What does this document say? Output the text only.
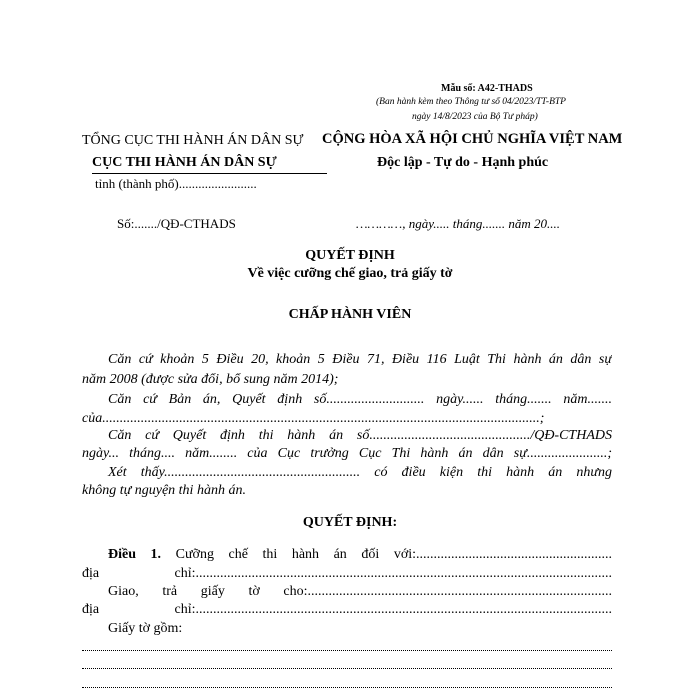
Mẫu số: A42-THADS
(Ban hành kèm theo Thông tư số 04/2023/TT-BTP
ngày 14/8/2023 của Bộ Tư pháp)
TỔNG CỤC THI HÀNH ÁN DÂN SỰ
CỤC THI HÀNH ÁN DÂN SỰ
tỉnh (thành phố)........................
CỘNG HÒA XÃ HỘI CHỦ NGHĨA VIỆT NAM
Độc lập - Tự do - Hạnh phúc
Số:......./QĐ-CTHADS	…………, ngày..... tháng....... năm 20....
QUYẾT ĐỊNH
Về việc cưỡng chế giao, trả giấy tờ
CHẤP HÀNH VIÊN
Căn cứ khoản 5 Điều 20, khoản 5 Điều 71, Điều 116 Luật Thi hành án dân sự
năm 2008 (được sửa đổi, bổ sung năm 2014);
Căn cứ Bản án, Quyết định số............................ ngày...... tháng....... năm.......
của.............................................................................................................................;
Căn cứ Quyết định thi hành án số............................................../QĐ-CTHADS
ngày... tháng.... năm........ của Cục trưởng Cục Thi hành án dân sự.......................;
Xét thấy........................................................ có điều kiện thi hành án nhưng
không tự nguyện thi hành án.
QUYẾT ĐỊNH:
Điều 1. Cưỡng chế thi hành án đối với:........................................................
địa chỉ:.......................................................................................................................
Giao, trả giấy tờ cho:.......................................................................................
địa chỉ:.......................................................................................................................
Giấy tờ gồm:
